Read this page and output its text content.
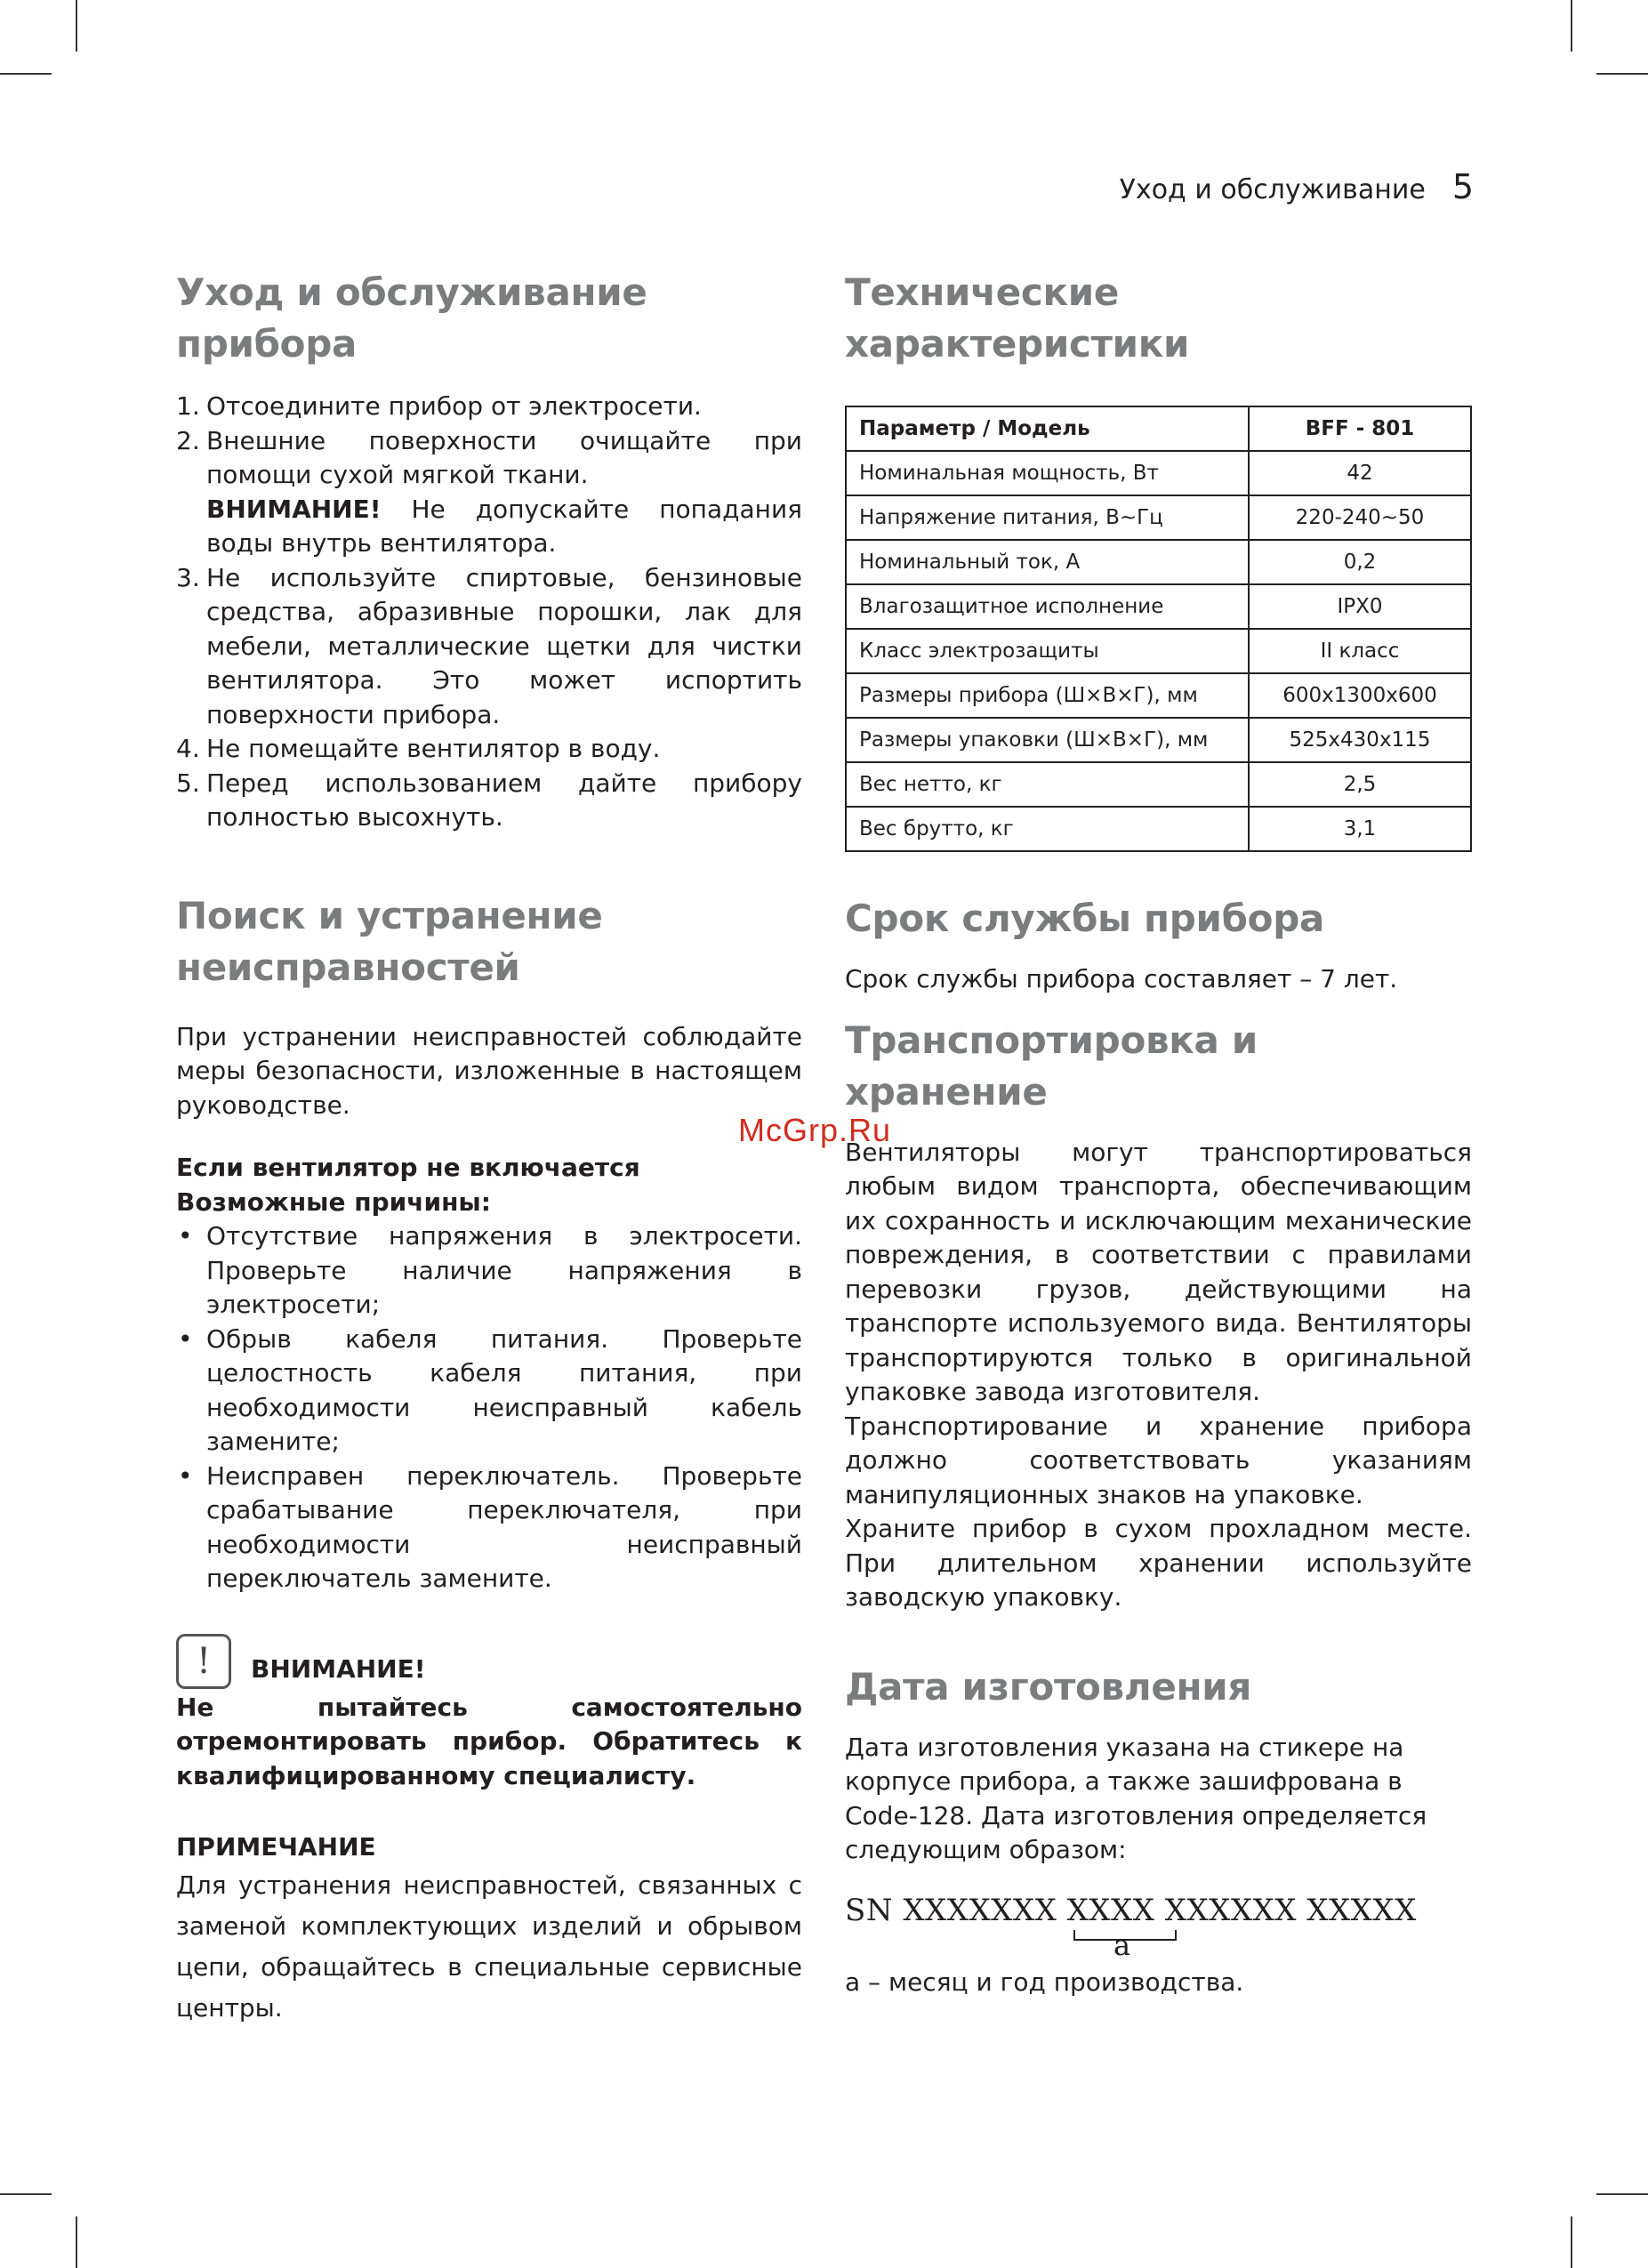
Уход и обслуживание 5
Уход и обслуживание прибора
1. Отсоедините прибор от электросети.
2. Внешние поверхности очищайте при помощи сухой мягкой ткани.
ВНИМАНИЕ! Не допускайте попадания воды внутрь вентилятора.
3. Не используйте спиртовые, бензиновые средства, абразивные порошки, лак для мебели, металлические щетки для чистки вентилятора. Это может испортить поверхности прибора.
4. Не помещайте вентилятор в воду.
5. Перед использованием дайте прибору полностью высохнуть.
Поиск и устранение
неисправностей

При устранении неисправностей соблюдайте меры безопасности, изложенные в настоящем руководстве.

Если вентилятор не включается

Возможные причины:

• Отсутствие напряжения в электросети. Проверьте наличие напряжения в электросети;
• Обрыв кабеля питания. Проверьте целостность кабеля питания, при необходимости неисправный кабель замените;
• Неисправен переключатель. Проверьте срабатывание переключателя, при необходимости неисправный переключатель замените.
!	ВНИМАНИЕ!

Не пытайтесь самостоятельно отремонтировать прибор. Обратитесь к квалифицированному специалисту.

ПРИМЕЧАНИЕ

Для устранения неисправностей, связанных с заменой комплектующих изделий и обрывом цепи, обращайтесь в специальные сервисные центры.

Технические характеристики
Параметр / Модель	BFF - 801
Номинальная мощность, Вт	42
Напряжение питания, В~Гц	220-240~50
Номинальный ток, А	0,2
Влагозащитное исполнение	IPX0
Класс электрозащиты	II класс
Размеры прибора (Ш×В×Г), мм	600x1300x600
Размеры упаковки (Ш×В×Г), мм	525x430x115
Вес нетто, кг	2,5
Вес брутто, кг	3,1
Срок службы прибора

Срок службы прибора составляет – 7 лет.

Транспортировка и хранение

Вентиляторы могут транспортироваться любым видом транспорта, обеспечивающим их сохранность и исключающим механические повреждения, в соответствии с правилами перевозки грузов, действующими на транспорте используемого вида. Вентиляторы транспортируются только в оригинальной упаковке завода изготовителя.

Транспортирование и хранение прибора должно соответствовать указаниям манипуляционных знаков на упаковке.

Храните прибор в сухом прохладном месте. При длительном хранении используйте заводскую упаковку.

Дата изготовления

Дата изготовления указана на стикере на корпусе прибора, а также зашифрована в Code-128. Дата изготовления определяется следующим образом:

SN XXXXXXX XXXX XXXXXX XXXXX
a

а – месяц и год производства.

McGrp.Ru
